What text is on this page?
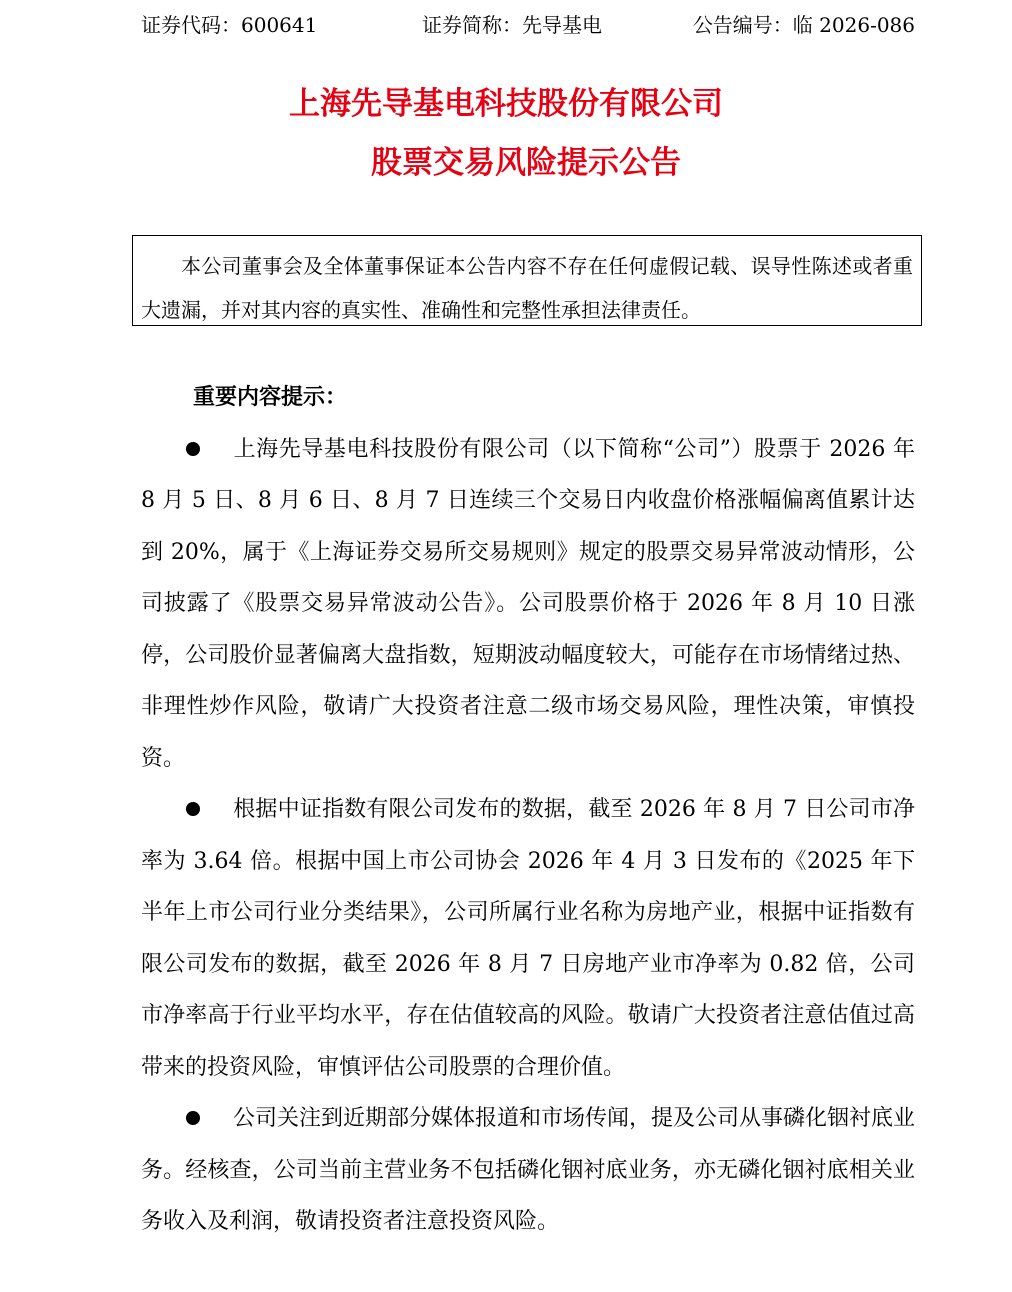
证券代码：600641	证券简称：先导基电	公告编号：临 2026-086
上海先导基电科技股份有限公司
股票交易风险提示公告
本公司董事会及全体董事保证本公告内容不存在任何虚假记载、误导性陈述或者重大遗漏，并对其内容的真实性、准确性和完整性承担法律责任。

重要内容提示：

上海先导基电科技股份有限公司（以下简称“公司”）股票于 2026 年 8 月 5 日、8 月 6 日、8 月 7 日连续三个交易日内收盘价格涨幅偏离值累计达到 20%，属于《上海证券交易所交易规则》规定的股票交易异常波动情形，公司披露了《股票交易异常波动公告》。公司股票价格于 2026 年 8 月 10 日涨停，公司股价显著偏离大盘指数，短期波动幅度较大，可能存在市场情绪过热、非理性炒作风险，敬请广大投资者注意二级市场交易风险，理性决策，审慎投资。

根据中证指数有限公司发布的数据，截至 2026 年 8 月 7 日公司市净率为 3.64 倍。根据中国上市公司协会 2026 年 4 月 3 日发布的《2025 年下半年上市公司行业分类结果》，公司所属行业名称为房地产业，根据中证指数有限公司发布的数据，截至 2026 年 8 月 7 日房地产业市净率为 0.82 倍，公司市净率高于行业平均水平，存在估值较高的风险。敬请广大投资者注意估值过高带来的投资风险，审慎评估公司股票的合理价值。

公司关注到近期部分媒体报道和市场传闻，提及公司从事磷化铟衬底业务。经核查，公司当前主营业务不包括磷化铟衬底业务，亦无磷化铟衬底相关业务收入及利润，敬请投资者注意投资风险。
